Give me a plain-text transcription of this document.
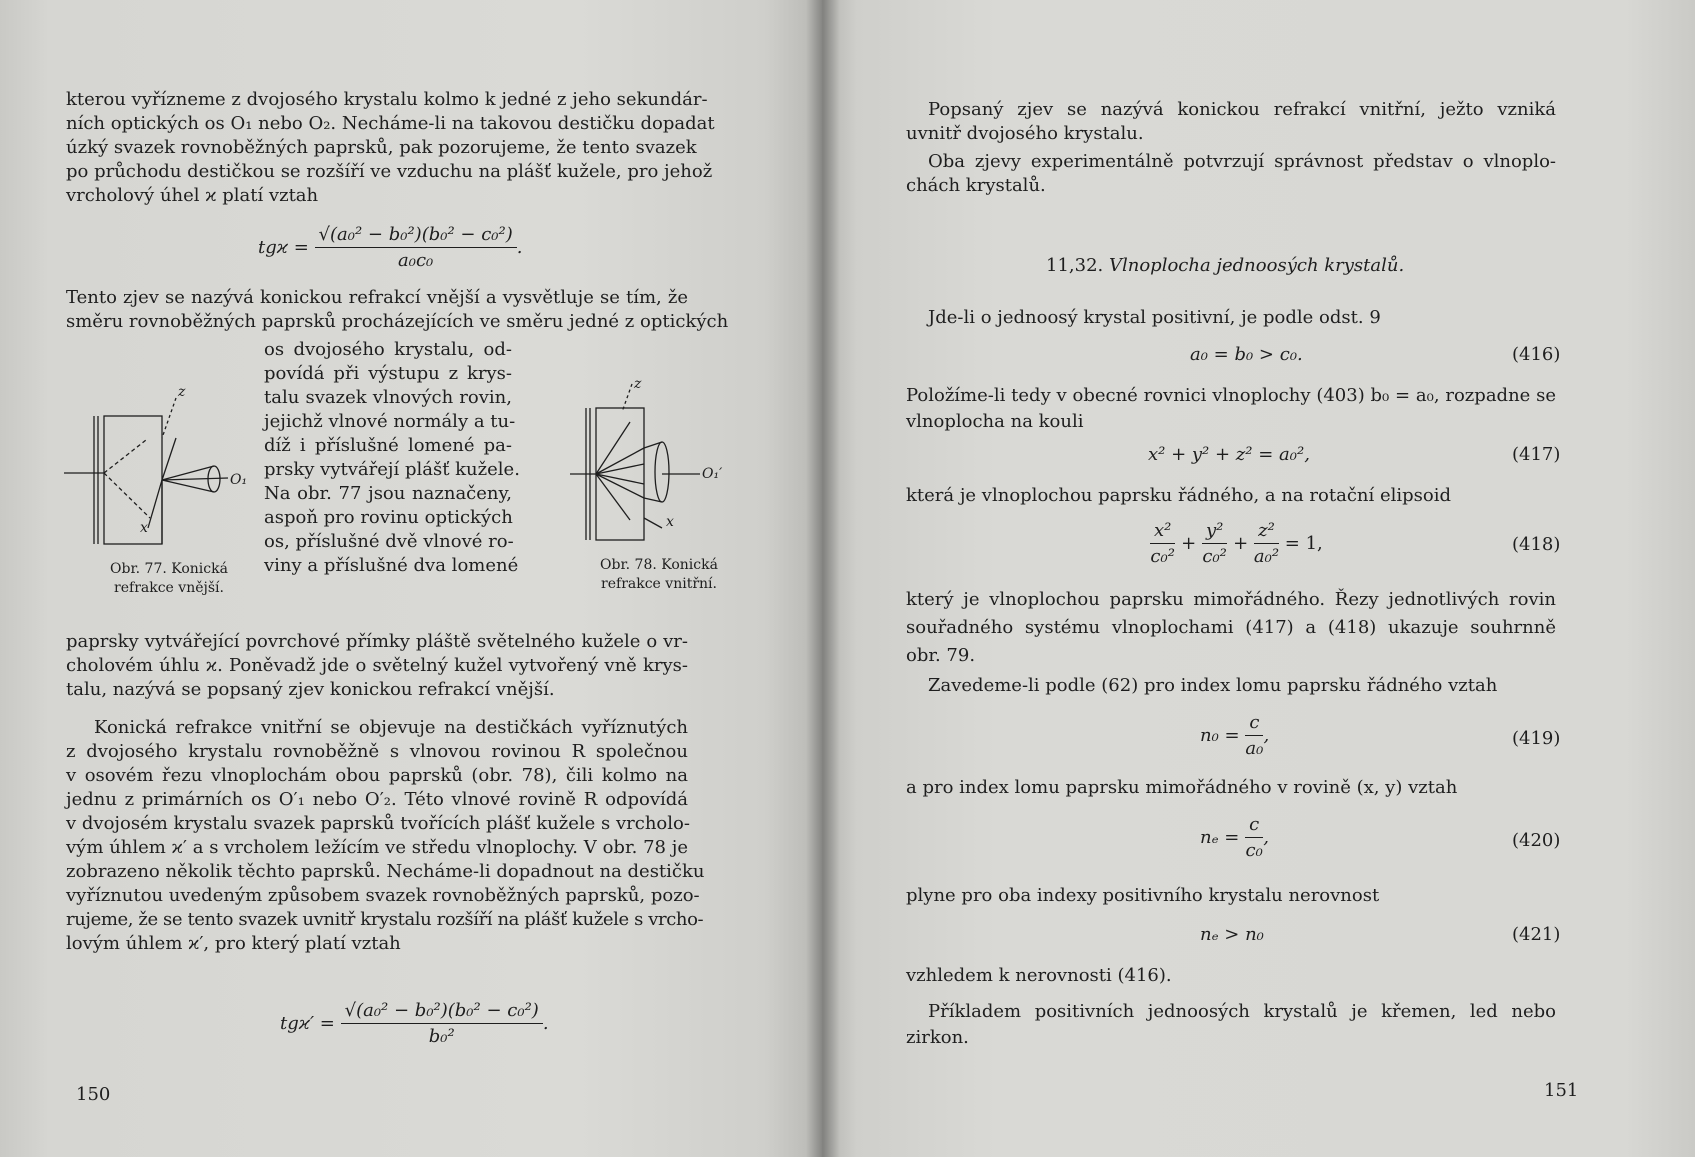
kterou vyřízneme z dvojosého krystalu kolmo k jedné z jeho sekundár-
ních optických os O₁ nebo O₂. Necháme-li na takovou destičku dopadat
úzký svazek rovnoběžných paprsků, pak pozorujeme, že tento svazek
po průchodu destičkou se rozšíří ve vzduchu na plášť kužele, pro jehož
vrcholový úhel ϰ platí vztah
$tgϰ = \frac{\text{√(a₀² − b₀²)(b₀² − c₀²)}}{\text{a₀c₀}}$ .
Tento zjev se nazývá konickou refrakcí vnější a vysvětluje se tím, že
směru rovnoběžných paprsků procházejících ve směru jedné z optických
os dvojosého krystalu, od-
povídá při výstupu z krys-
talu svazek vlnových rovin,
jejichž vlnové normály a tu-
díž i příslušné lomené pa-
prsky vytvářejí plášť kužele.
Na obr. 77 jsou naznačeny,
aspoň pro rovinu optických
os, příslušné dvě vlnové ro-
viny a příslušné dva lomené
z
x
O₁
Obr. 77. Konická
refrakce vnější.
z
x
O₁′
Obr. 78. Konická
refrakce vnitřní.
paprsky vytvářející povrchové přímky pláště světelného kužele o vr-
cholovém úhlu ϰ. Poněvadž jde o světelný kužel vytvořený vně krys-
talu, nazývá se popsaný zjev konickou refrakcí vnější.
Konická refrakce vnitřní se objevuje na destičkách vyříznutých
z dvojosého krystalu rovnoběžně s vlnovou rovinou R společnou
v osovém řezu vlnoplochám obou paprsků (obr. 78), čili kolmo na
jednu z primárních os O′₁ nebo O′₂. Této vlnové rovině R odpovídá
v dvojosém krystalu svazek paprsků tvořících plášť kužele s vrcholo-
vým úhlem ϰ′ a s vrcholem ležícím ve středu vlnoplochy. V obr. 78 je
zobrazeno několik těchto paprsků. Necháme-li dopadnout na destičku
vyříznutou uvedeným způsobem svazek rovnoběžných paprsků, pozo-
rujeme, že se tento svazek uvnitř krystalu rozšíří na plášť kužele s vrcho-
lovým úhlem ϰ′, pro který platí vztah
$tgϰ' = \frac{\text{√(a₀² − b₀²)(b₀² − c₀²)}}{\text{b₀²}}$ .
150
Popsaný zjev se nazývá konickou refrakcí vnitřní, ježto vzniká
uvnitř dvojosého krystalu.
Oba zjevy experimentálně potvrzují správnost představ o vlnoplo-
chách krystalů.
11,32. Vlnoplocha jednoosých krystalů.
Jde-li o jednoosý krystal positivní, je podle odst. 9
a₀ = b₀ > c₀.	(416)
Položíme-li tedy v obecné rovnici vlnoplochy (403) b₀ = a₀, rozpadne se
vlnoplocha na kouli
x² + y² + z² = a₀²,	(417)
která je vlnoplochou paprsku řádného, a na rotační elipsoid
$\frac{\text{x²}}{\text{c₀²}} + \frac{\text{y²}}{\text{c₀²}} + \frac{\text{z²}}{\text{a₀²}} = 1$,	(418)
který je vlnoplochou paprsku mimořádného. Řezy jednotlivých rovin
souřadného systému vlnoplochami (417) a (418) ukazuje souhrnně
obr. 79.
Zavedeme-li podle (62) pro index lomu paprsku řádného vztah
$n_0 = \frac{c}{\text{a₀}}$ ,	(419)
a pro index lomu paprsku mimořádného v rovině (x, y) vztah
$n_e = \frac{c}{\text{c₀}}$ ,	(420)
plyne pro oba indexy positivního krystalu nerovnost
nₑ > n₀	(421)
vzhledem k nerovnosti (416).
Příkladem positivních jednoosých krystalů je křemen, led nebo
zirkon.
151
